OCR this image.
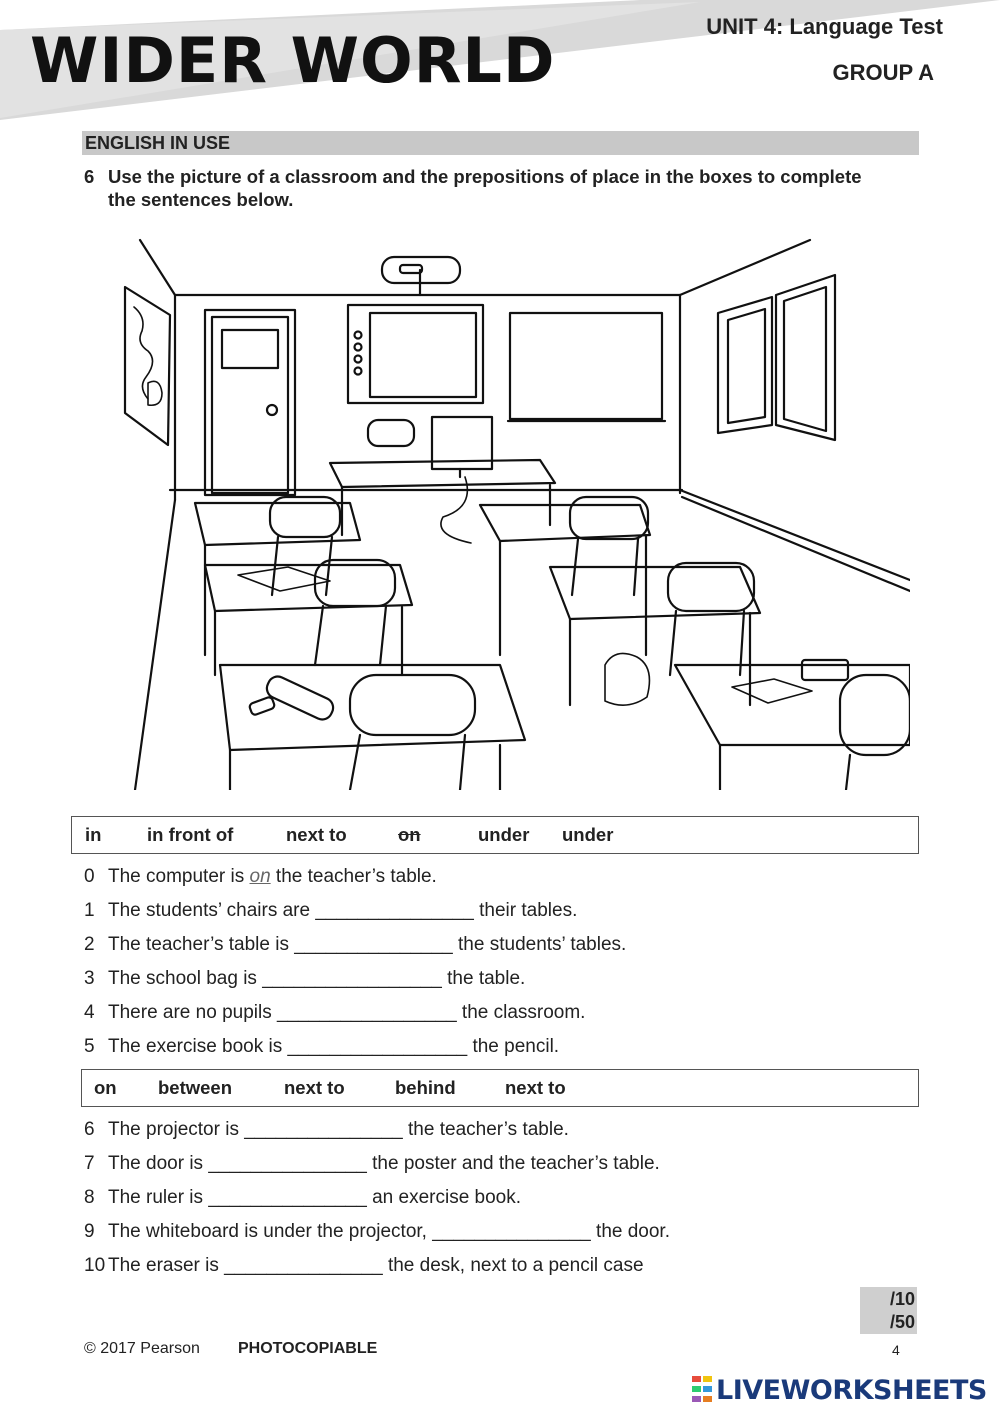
WIDER WORLD	UNIT 4: Language Test
GROUP A
ENGLISH IN USE
6 Use the picture of a classroom and the prepositions of place in the boxes to complete the sentences below.
in in front of	next to	on	under under
0 The computer is on the teacher’s table.
1 The students’ chairs are _______________ their tables.
2 The teacher’s table is _______________ the students’ tables.
3 The school bag is _________________ the table.
4 There are no pupils _________________ the classroom.
5 The exercise book is _________________ the pencil.
on between	next to	behind	next to
6 The projector is _______________ the teacher’s table.
7 The door is _______________ the poster and the teacher’s table.
8 The ruler is _______________ an exercise book.
9 The whiteboard is under the projector, _______________ the door.
10 The eraser is _______________ the desk, next to a pencil case
/10
/50
© 2017 Pearson PHOTOCOPIABLE	4
LIVEWORKSHEETS
